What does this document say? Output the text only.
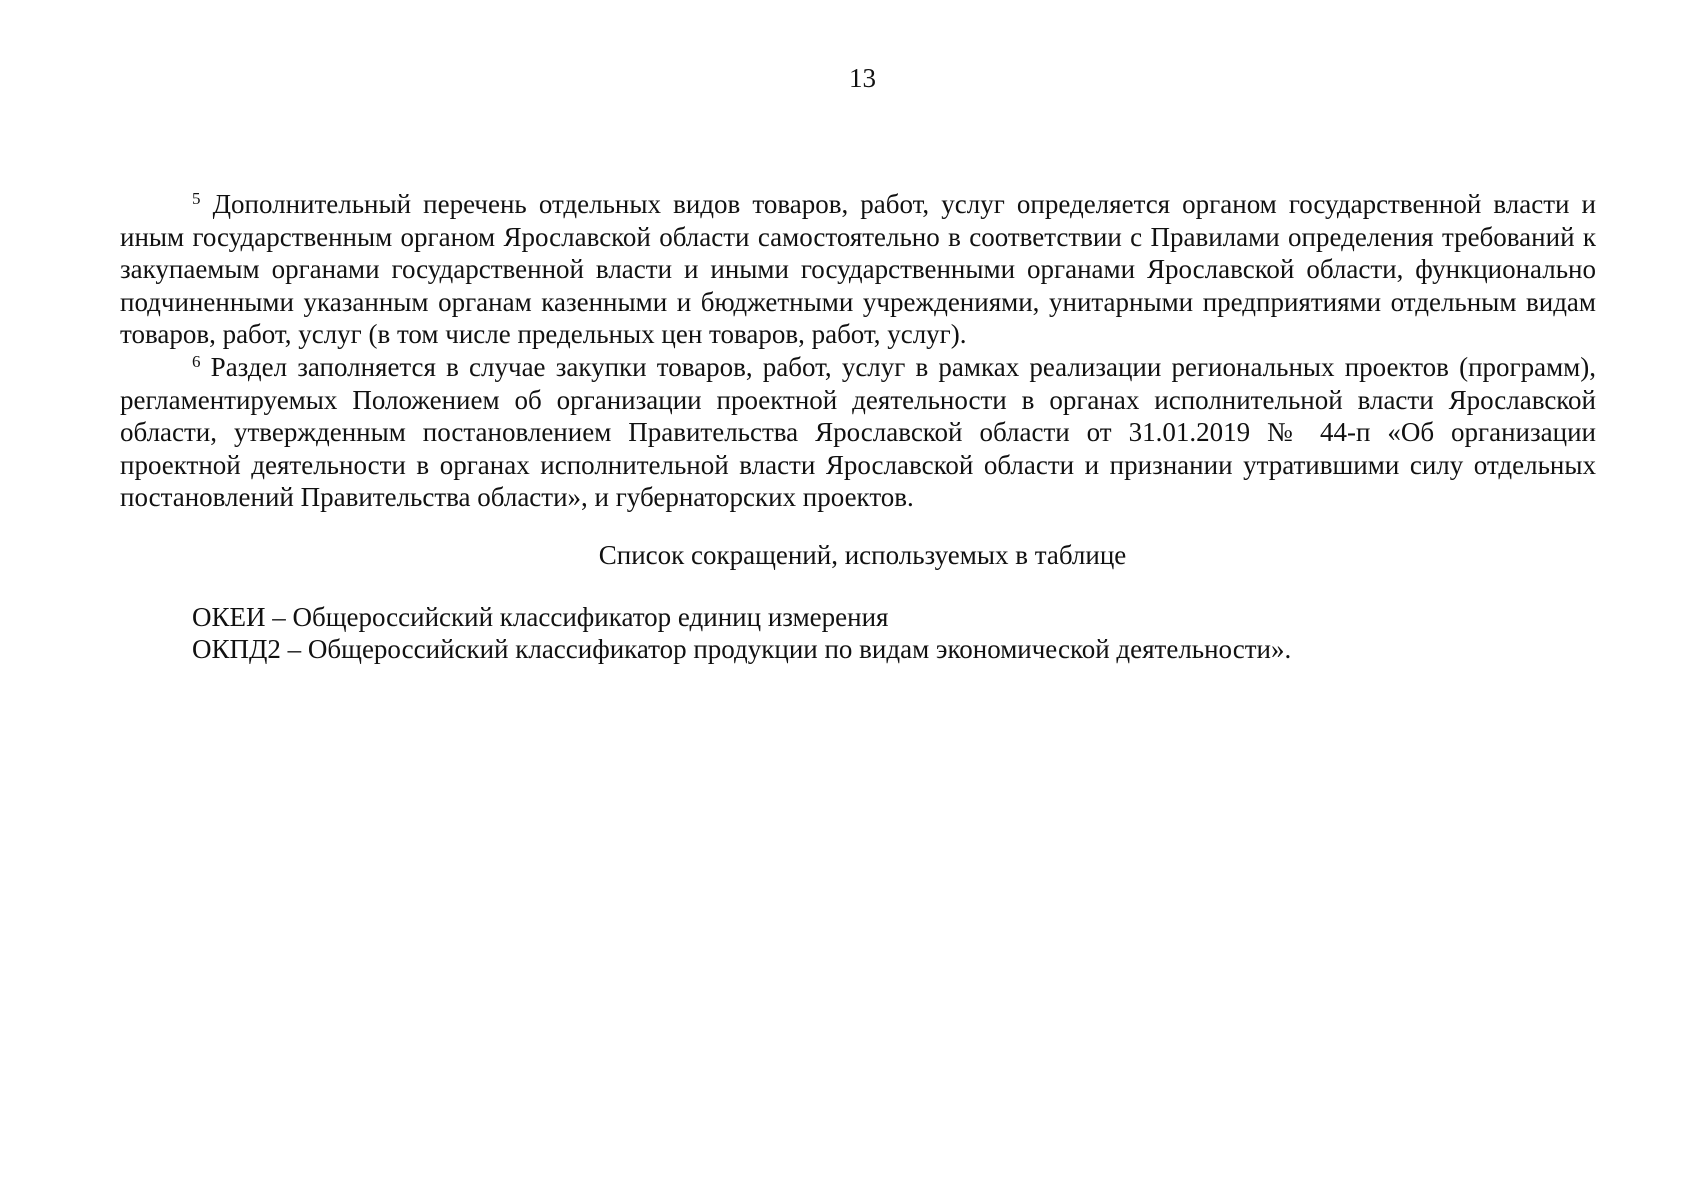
13

$^5$ Дополнительный перечень отдельных видов товаров, работ, услуг определяется органом государственной власти и иным государственным органом Ярославской области самостоятельно в соответствии с Правилами определения требований к закупаемым органами государственной власти и иными государственными органами Ярославской области, функционально подчиненными указанным органам казенными и бюджетными учреждениями, унитарными предприятиями отдельным видам товаров, работ, услуг (в том числе предельных цен товаров, работ, услуг).

$^6$ Раздел заполняется в случае закупки товаров, работ, услуг в рамках реализации региональных проектов (программ), регламентируемых Положением об организации проектной деятельности в органах исполнительной власти Ярославской области, утвержденным постановлением Правительства Ярославской области от 31.01.2019 № 44-п «Об организации проектной деятельности в органах исполнительной власти Ярославской области и признании утратившими силу отдельных постановлений Правительства области», и губернаторских проектов.

Список сокращений, используемых в таблице

ОКЕИ – Общероссийский классификатор единиц измерения

ОКПД2 – Общероссийский классификатор продукции по видам экономической деятельности».
